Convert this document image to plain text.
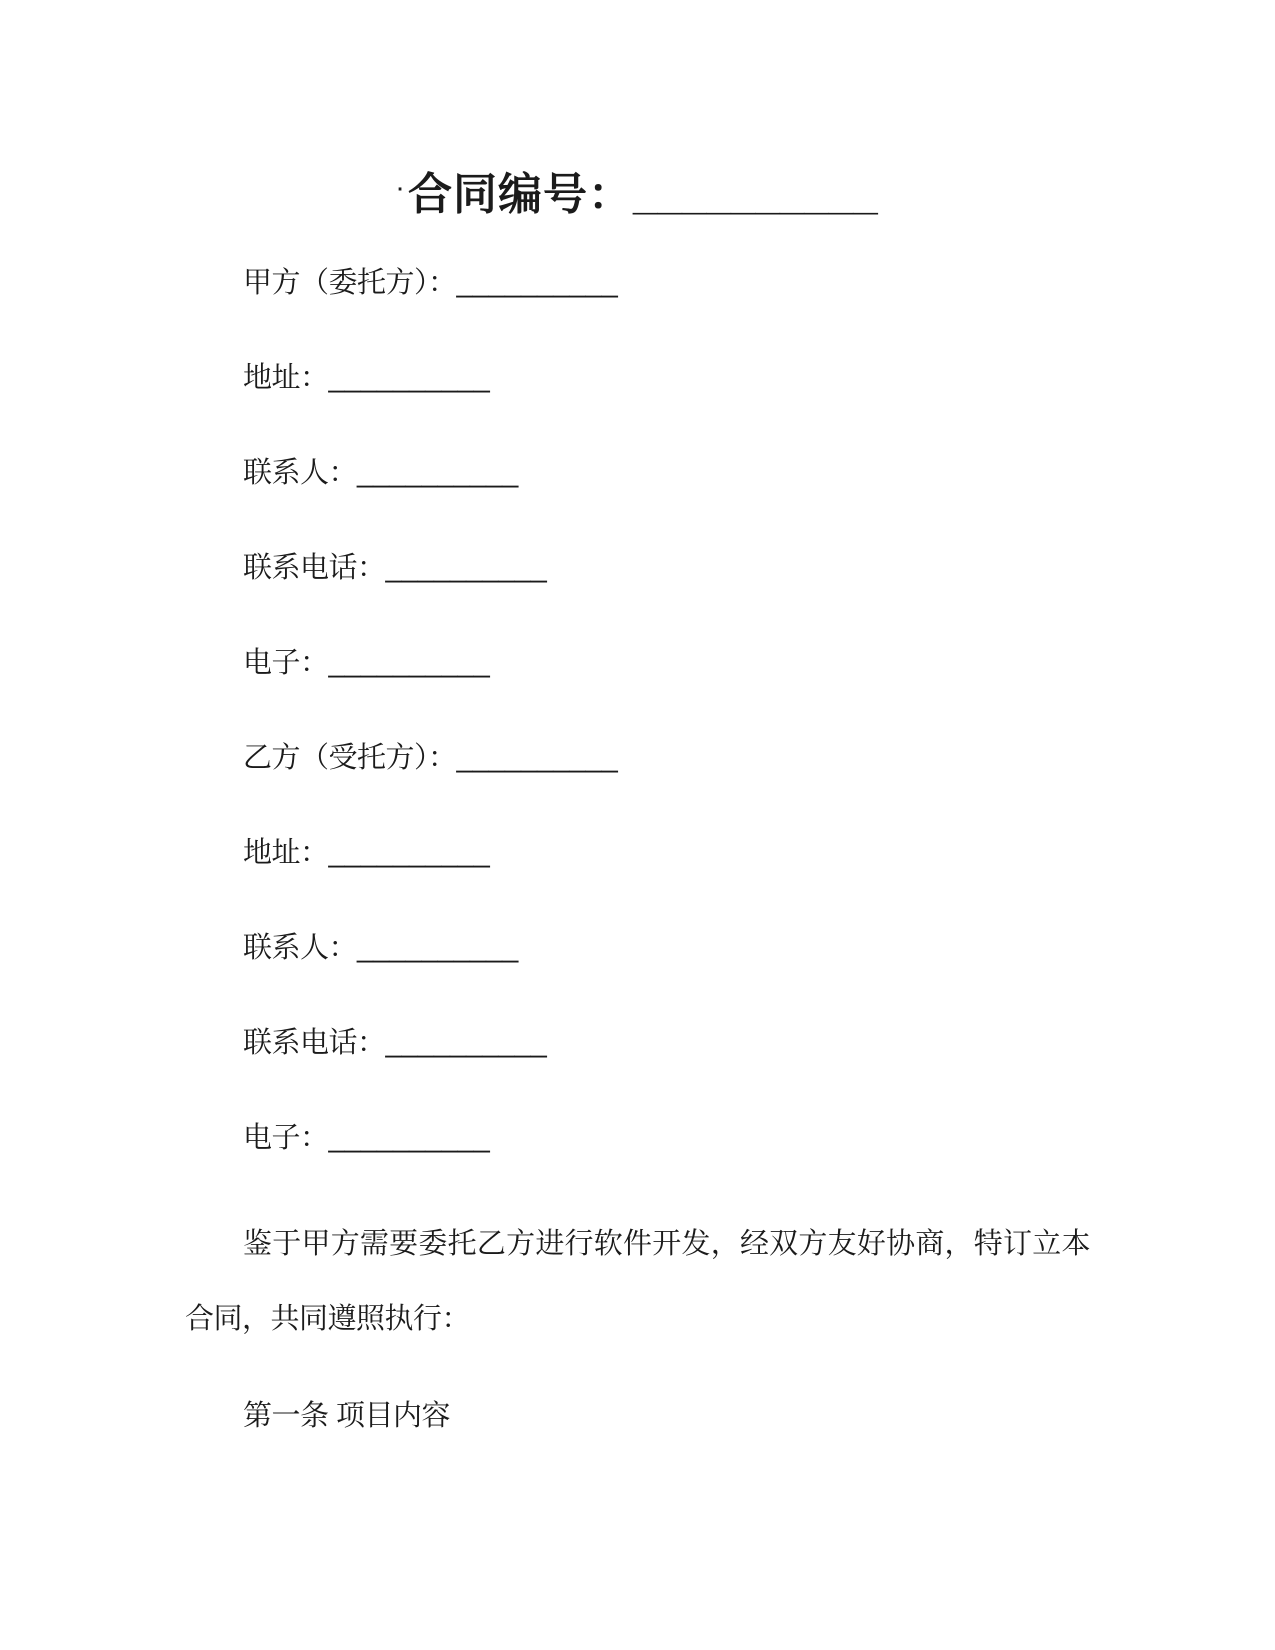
·合同编号：__________
甲方（委托方）：__________
地址：__________
联系人：__________
联系电话：__________
电子：__________
乙方（受托方）：__________
地址：__________
联系人：__________
联系电话：__________
电子：__________

鉴于甲方需要委托乙方进行软件开发，经双方友好协商，特订立本合同，共同遵照执行：

第一条 项目内容
